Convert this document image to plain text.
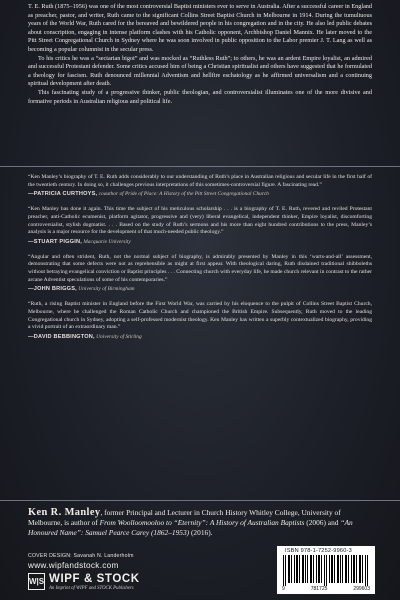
T. E. Ruth (1875–1956) was one of the most controversial Baptist ministers ever to serve in Australia. After a successful career in England as preacher, pastor, and writer, Ruth came to the significant Collins Street Baptist Church in Melbourne in 1914. During the tumultuous years of the World War, Ruth cared for the bereaved and bewildered people in his congregation and in the city. He also led public debates about conscription, engaging in intense platform clashes with his Catholic opponent, Archbishop Daniel Mannix. He later moved to the Pitt Street Congregational Church in Sydney where he was soon involved in public opposition to the Labor premier J. T. Lang as well as becoming a popular columnist in the secular press.

To his critics he was a “sectarian bigot” and was mocked as “Ruthless Ruth”; to others, he was an ardent Empire loyalist, an admired and successful Protestant defender. Some critics accused him of being a Christian spiritualist and others have suggested that he formulated a theology for fascism. Ruth denounced millennial Adventism and hellfire eschatology as he affirmed universalism and a continuing spiritual development after death.

This fascinating study of a progressive thinker, public theologian, and controversialist illuminates one of the more divisive and formative periods in Australian religious and political life.

“Ken Manley’s biography of T. E. Ruth adds considerably to our understanding of Ruth’s place in Australian religious and secular life in the first half of the twentieth century. In doing so, it challenges previous interpretations of this sometimes-controversial figure. A fascinating read.”

—PATRICIA CURTHOYS, coauthor of Pride of Place: A History of the Pitt Street Congregational Church

“Ken Manley has done it again. This time the subject of his meticulous scholarship . . . is a biography of T. E. Ruth, revered and reviled Protestant preacher, anti-Catholic ecumenist, platform agitator, progressive and (very) liberal evangelical, independent thinker, Empire loyalist, discomforting controversialist, stylish dogmatist. . . . Based on the study of Ruth’s sermons and his more than eight hundred contributions to the press, Manley’s analysis is a major resource for the development of that much-needed public theology.”

—STUART PIGGIN, Macquarie University

“Angular and often strident, Ruth, not the normal subject of biography, is admirably presented by Manley in this ‘warts-and-all’ assessment, demonstrating that some defects were not as reprehensible as might at first appear. With theological daring, Ruth disdained traditional shibboleths without betraying evangelical conviction or Baptist principles . . . Connecting church with everyday life, he made church relevant in contrast to the rather arcane Adventist speculations of some of his contemporaries.”

—JOHN BRIGGS, University of Birmingham

“Ruth, a rising Baptist minister in England before the First World War, was carried by his eloquence to the pulpit of Collins Street Baptist Church, Melbourne, where he challenged the Roman Catholic Church and championed the British Empire. Subsequently, Ruth moved to the leading Congregational church in Sydney, adopting a self-professed modernist theology. Ken Manley has written a superbly contextualized biography, providing a vivid portrait of an extraordinary man.”

—DAVID BEBBINGTON, University of Stirling

Ken R. Manley, former Principal and Lecturer in Church History Whitley College, University of Melbourne, is author of From Woolloomooloo to “Eternity”: A History of Australian Baptists (2006) and “An Honoured Name”: Samuel Pearce Carey (1862–1953) (2016).
COVER DESIGN: Savanah N. Landerholm
www.wipfandstock.com
W|S WIPF & STOCK
An Imprint of WIPF and STOCK Publishers
ISBN 978-1-7252-9960-3
9	781725	299603
